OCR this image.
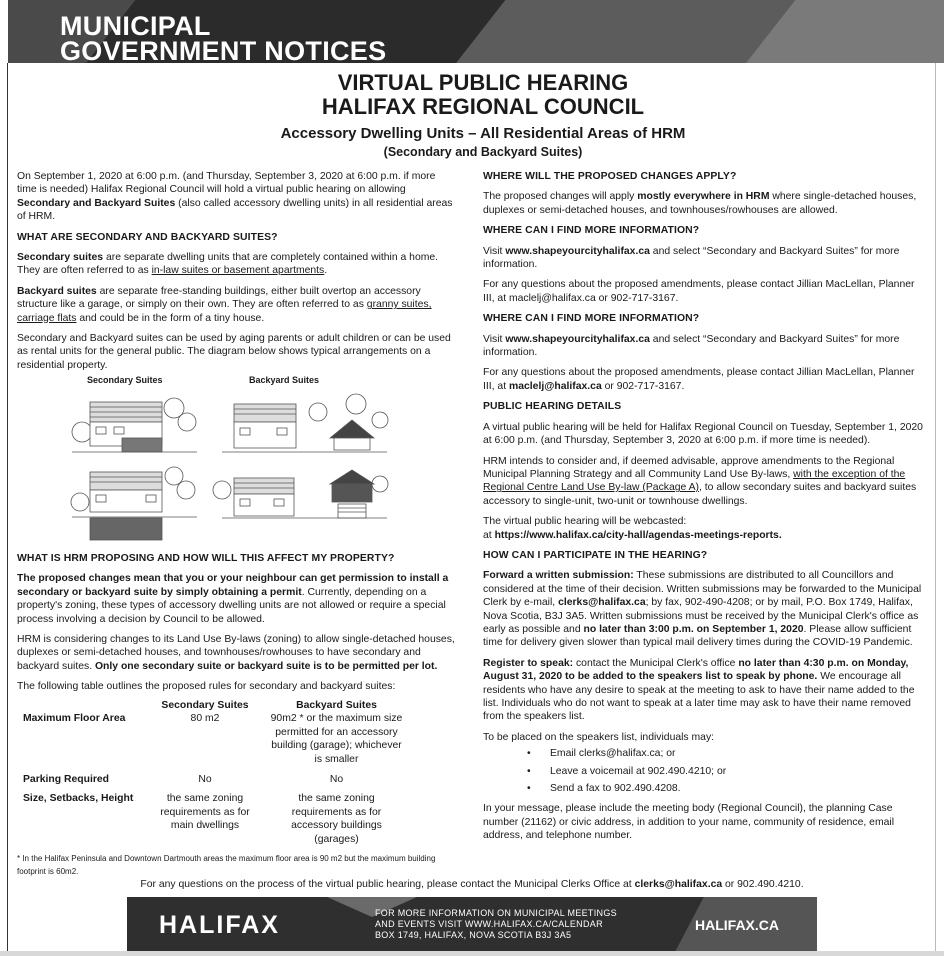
MUNICIPAL
GOVERNMENT NOTICES
VIRTUAL PUBLIC HEARING
HALIFAX REGIONAL COUNCIL
Accessory Dwelling Units – All Residential Areas of HRM
(Secondary and Backyard Suites)

On September 1, 2020 at 6:00 p.m. (and Thursday, September 3, 2020 at 6:00 p.m. if more time is needed) Halifax Regional Council will hold a virtual public hearing on allowing Secondary and Backyard Suites (also called accessory dwelling units) in all residential areas of HRM.

WHAT ARE SECONDARY AND BACKYARD SUITES?

Secondary suites are separate dwelling units that are completely contained within a home. They are often referred to as in-law suites or basement apartments.

Backyard suites are separate free-standing buildings, either built overtop an accessory structure like a garage, or simply on their own. They are often referred to as granny suites, carriage flats and could be in the form of a tiny house.

Secondary and Backyard suites can be used by aging parents or adult children or can be used as rental units for the general public. The diagram below shows typical arrangements on a residential property.

Secondary Suites	Backyard Suites
WHAT IS HRM PROPOSING AND HOW WILL THIS AFFECT MY PROPERTY?

The proposed changes mean that you or your neighbour can get permission to install a secondary or backyard suite by simply obtaining a permit. Currently, depending on a property's zoning, these types of accessory dwelling units are not allowed or require a special process involving a decision by Council to be allowed.

HRM is considering changes to its Land Use By-laws (zoning) to allow single-detached houses, duplexes or semi-detached houses, and townhouses/rowhouses to have secondary and backyard suites. Only one secondary suite or backyard suite is to be permitted per lot.

The following table outlines the proposed rules for secondary and backyard suites:

	Secondary Suites	Backyard Suites
Maximum Floor Area	80 m2	90m2 * or the maximum size permitted for an accessory building (garage); whichever is smaller
Parking Required	No	No
Size, Setbacks, Height	the same zoning requirements as for main dwellings	the same zoning requirements as for accessory buildings (garages)
* In the Halifax Peninsula and Downtown Dartmouth areas the maximum floor area is 90 m2 but the maximum building footprint is 60m2.
WHERE WILL THE PROPOSED CHANGES APPLY?

The proposed changes will apply mostly everywhere in HRM where single-detached houses, duplexes or semi-detached houses, and townhouses/rowhouses are allowed.

WHERE CAN I FIND MORE INFORMATION?

Visit www.shapeyourcityhalifax.ca and select “Secondary and Backyard Suites” for more information.

For any questions about the proposed amendments, please contact Jillian MacLellan, Planner III, at maclelj@halifax.ca or 902-717-3167.

WHERE CAN I FIND MORE INFORMATION?

Visit www.shapeyourcityhalifax.ca and select “Secondary and Backyard Suites” for more information.

For any questions about the proposed amendments, please contact Jillian MacLellan, Planner III, at maclelj@halifax.ca or 902-717-3167.

PUBLIC HEARING DETAILS

A virtual public hearing will be held for Halifax Regional Council on Tuesday, September 1, 2020 at 6:00 p.m. (and Thursday, September 3, 2020 at 6:00 p.m. if more time is needed).

HRM intends to consider and, if deemed advisable, approve amendments to the Regional Municipal Planning Strategy and all Community Land Use By-laws, with the exception of the Regional Centre Land Use By-law (Package A), to allow secondary suites and backyard suites accessory to single-unit, two-unit or townhouse dwellings.

The virtual public hearing will be webcasted:
at https://www.halifax.ca/city-hall/agendas-meetings-reports.

HOW CAN I PARTICIPATE IN THE HEARING?

Forward a written submission: These submissions are distributed to all Councillors and considered at the time of their decision. Written submissions may be forwarded to the Municipal Clerk by e-mail, clerks@halifax.ca; by fax, 902-490-4208; or by mail, P.O. Box 1749, Halifax, Nova Scotia, B3J 3A5. Written submissions must be received by the Municipal Clerk's office as early as possible and no later than 3:00 p.m. on September 1, 2020. Please allow sufficient time for delivery given slower than typical mail delivery times during the COVID-19 Pandemic.

Register to speak: contact the Municipal Clerk's office no later than 4:30 p.m. on Monday, August 31, 2020 to be added to the speakers list to speak by phone. We encourage all residents who have any desire to speak at the meeting to ask to have their name added to the list. Individuals who do not want to speak at a later time may ask to have their name removed from the speakers list.

To be placed on the speakers list, individuals may:

• Email clerks@halifax.ca; or
• Leave a voicemail at 902.490.4210; or
• Send a fax to 902.490.4208.

In your message, please include the meeting body (Regional Council), the planning Case number (21162) or civic address, in addition to your name, community of residence, email address, and telephone number.

For any questions on the process of the virtual public hearing, please contact the Municipal Clerks Office at clerks@halifax.ca or 902.490.4210.
HALIFAX	FOR MORE INFORMATION ON MUNICIPAL MEETINGS
AND EVENTS VISIT WWW.HALIFAX.CA/CALENDAR
BOX 1749, HALIFAX, NOVA SCOTIA B3J 3A5
HALIFAX.CA
